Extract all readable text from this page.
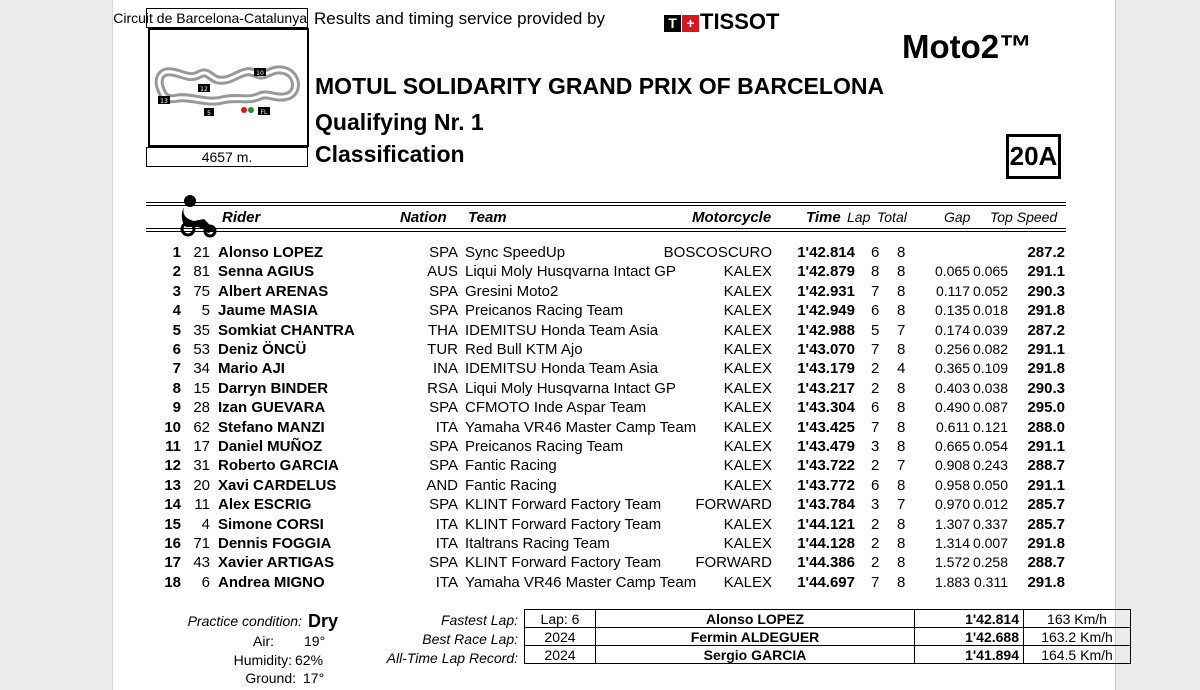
Circuit de Barcelona-Catalunya
10
12
13
5	FL
4657 m.
Results and timing service provided by	T + TISSOT
Moto2™
MOTUL SOLIDARITY GRAND PRIX OF BARCELONA
Qualifying Nr. 1
Classification	20A
Rider	Nation Team	Motorcycle Time Lap Total	Gap Top Speed
1 21 Alonso LOPEZ	SPA Sync SpeedUp	BOSCOSCURO 1'42.814 6 8	287.2
2 81 Senna AGIUS	AUS Liqui Moly Husqvarna Intact GP	KALEX 1'42.879 8 8 0.065 0.065 291.1
3 75 Albert ARENAS	SPA Gresini Moto2	KALEX 1'42.931 7 8 0.117 0.052 290.3
4 5 Jaume MASIA	SPA Preicanos Racing Team	KALEX 1'42.949 6 8 0.135 0.018 291.8
5 35 Somkiat CHANTRA	THA IDEMITSU Honda Team Asia	KALEX 1'42.988 5 7 0.174 0.039 287.2
6 53 Deniz ÖNCÜ	TUR Red Bull KTM Ajo	KALEX 1'43.070 7 8 0.256 0.082 291.1
7 34 Mario AJI	INA IDEMITSU Honda Team Asia	KALEX 1'43.179 2 4 0.365 0.109 291.8
8 15 Darryn BINDER	RSA Liqui Moly Husqvarna Intact GP	KALEX 1'43.217 2 8 0.403 0.038 290.3
9 28 Izan GUEVARA	SPA CFMOTO Inde Aspar Team	KALEX 1'43.304 6 8 0.490 0.087 295.0
10 62 Stefano MANZI	ITA Yamaha VR46 Master Camp Team KALEX 1'43.425 7 8 0.611 0.121 288.0
11 17 Daniel MUÑOZ	SPA Preicanos Racing Team	KALEX 1'43.479 3 8 0.665 0.054 291.1
12 31 Roberto GARCIA	SPA Fantic Racing	KALEX 1'43.722 2 7 0.908 0.243 288.7
13 20 Xavi CARDELUS	AND Fantic Racing	KALEX 1'43.772 6 8 0.958 0.050 291.1
14 11 Alex ESCRIG	SPA KLINT Forward Factory Team FORWARD 1'43.784 3 7 0.970 0.012 285.7
15 4 Simone CORSI	ITA KLINT Forward Factory Team	KALEX 1'44.121 2 8 1.307 0.337 285.7
16 71 Dennis FOGGIA	ITA Italtrans Racing Team	KALEX 1'44.128 2 8 1.314 0.007 291.8
17 43 Xavier ARTIGAS	SPA KLINT Forward Factory Team FORWARD 1'44.386 2 8 1.572 0.258 288.7
18 6 Andrea MIGNO	ITA Yamaha VR46 Master Camp Team KALEX 1'44.697 7 8 1.883 0.311 291.8
Practice condition: Dry
Air: 19°
Humidity: 62%
Ground: 17°
Fastest Lap:
Best Race Lap:
All-Time Lap Record:
Lap: 6	Alonso LOPEZ	1'42.814	163 Km/h
2024	Fermin ALDEGUER	1'42.688	163.2 Km/h
2024	Sergio GARCIA	1'41.894	164.5 Km/h
